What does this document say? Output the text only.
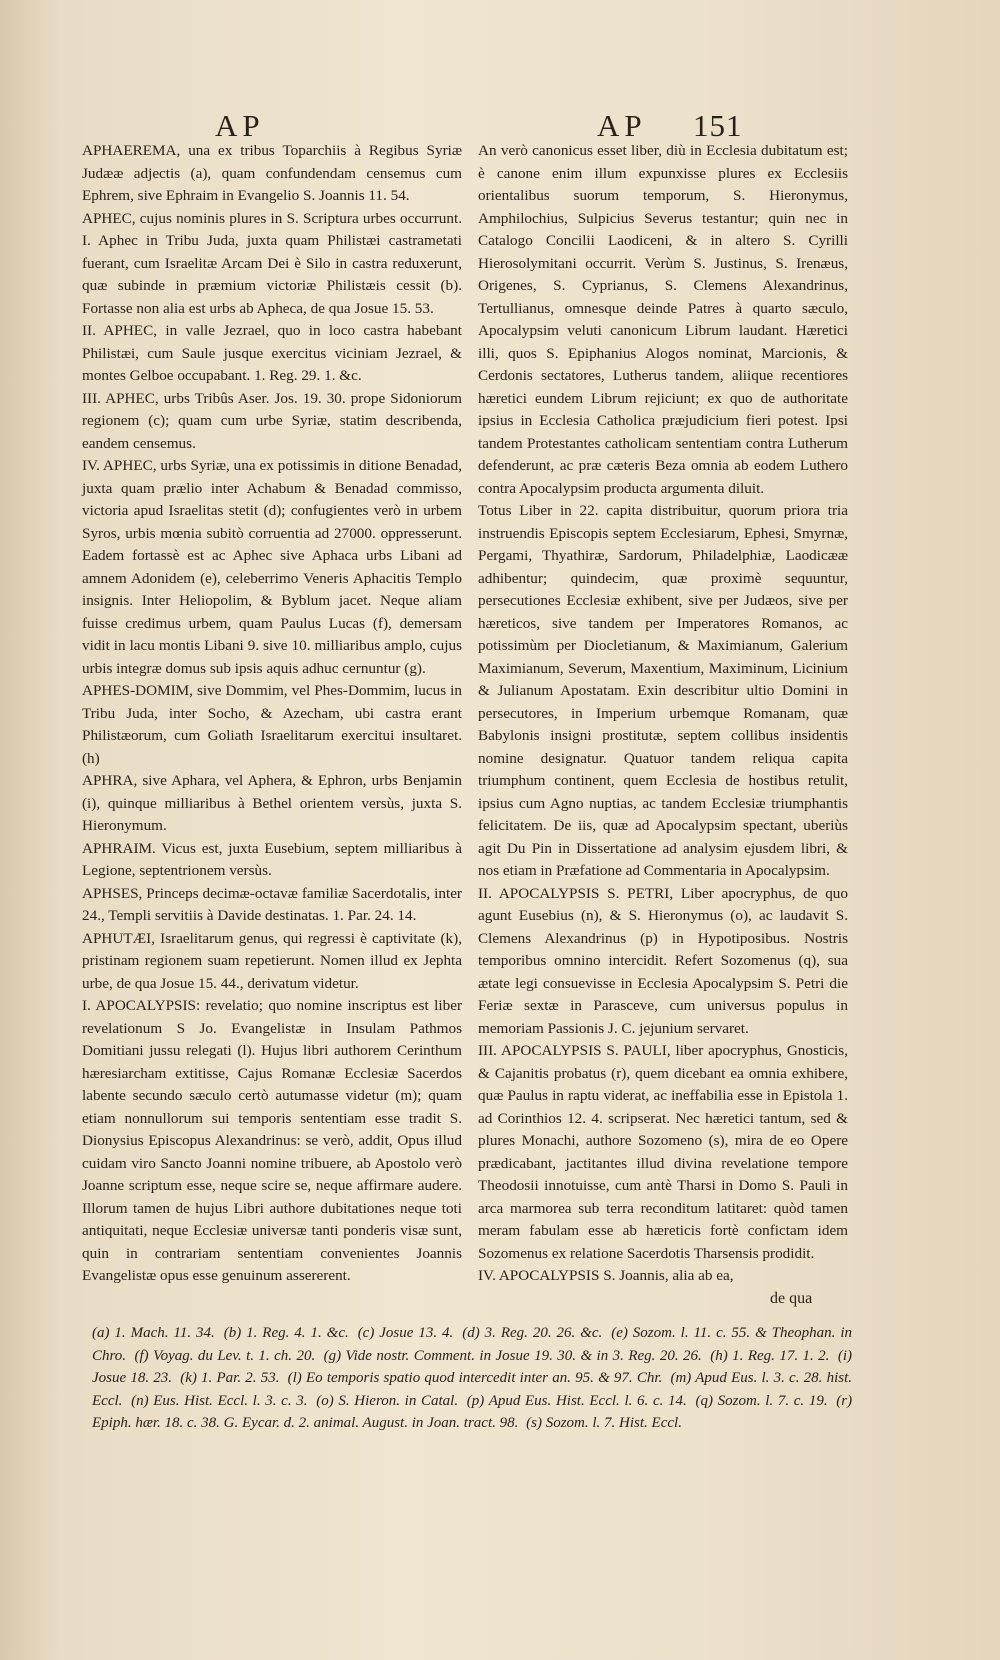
AP	AP 151

APHAEREMA, una ex tribus Toparchiis à Regibus Syriæ Judææ adjectis (a), quam confundendam censemus cum Ephrem, sive Ephraim in Evangelio S. Joannis 11. 54.

APHEC, cujus nominis plures in S. Scriptura urbes occurrunt. I. Aphec in Tribu Juda, juxta quam Philistæi castrametati fuerant, cum Israelitæ Arcam Dei è Silo in castra reduxerunt, quæ subinde in præmium victoriæ Philistæis cessit (b). Fortasse non alia est urbs ab Apheca, de qua Josue 15. 53.

II. APHEC, in valle Jezrael, quo in loco castra habebant Philistæi, cum Saule jusque exercitus viciniam Jezrael, & montes Gelboe occupabant. 1. Reg. 29. 1. &c.

III. APHEC, urbs Tribûs Aser. Jos. 19. 30. prope Sidoniorum regionem (c); quam cum urbe Syriæ, statim describenda, eandem censemus.

IV. APHEC, urbs Syriæ, una ex potissimis in ditione Benadad, juxta quam prælio inter Achabum & Benadad commisso, victoria apud Israelitas stetit (d); confugientes verò in urbem Syros, urbis mœnia subitò corruentia ad 27000. oppresserunt. Eadem fortassè est ac Aphec sive Aphaca urbs Libani ad amnem Adonidem (e), celeberrimo Veneris Aphacitis Templo insignis. Inter Heliopolim, & Byblum jacet. Neque aliam fuisse credimus urbem, quam Paulus Lucas (f), demersam vidit in lacu montis Libani 9. sive 10. milliaribus amplo, cujus urbis integræ domus sub ipsis aquis adhuc cernuntur (g).

APHES-DOMIM, sive Dommim, vel Phes-Dommim, lucus in Tribu Juda, inter Socho, & Azecham, ubi castra erant Philistæorum, cum Goliath Israelitarum exercitui insultaret. (h)

APHRA, sive Aphara, vel Aphera, & Ephron, urbs Benjamin (i), quinque milliaribus à Bethel orientem versùs, juxta S. Hieronymum.

APHRAIM. Vicus est, juxta Eusebium, septem milliaribus à Legione, septentrionem versùs.

APHSES, Princeps decimæ-octavæ familiæ Sacerdotalis, inter 24., Templi servitiis à Davide destinatas. 1. Par. 24. 14.

APHUTÆI, Israelitarum genus, qui regressi è captivitate (k), pristinam regionem suam repetierunt. Nomen illud ex Jephta urbe, de qua Josue 15. 44., derivatum videtur.

I. APOCALYPSIS: revelatio; quo nomine inscriptus est liber revelationum S Jo. Evangelistæ in Insulam Pathmos Domitiani jussu relegati (l). Hujus libri authorem Cerinthum hæresiarcham extitisse, Cajus Romanæ Ecclesiæ Sacerdos labente secundo sæculo certò autumasse videtur (m); quam etiam nonnullorum sui temporis sententiam esse tradit S. Dionysius Episcopus Alexandrinus: se verò, addit, Opus illud cuidam viro Sancto Joanni nomine tribuere, ab Apostolo verò Joanne scriptum esse, neque scire se, neque affirmare audere. Illorum tamen de hujus Libri authore dubitationes neque toti antiquitati, neque Ecclesiæ universæ tanti ponderis visæ sunt, quin in contrariam sententiam convenientes Joannis Evangelistæ opus esse genuinum assererent.

An verò canonicus esset liber, diù in Ecclesia dubitatum est; è canone enim illum expunxisse plures ex Ecclesiis orientalibus suorum temporum, S. Hieronymus, Amphilochius, Sulpicius Severus testantur; quin nec in Catalogo Concilii Laodiceni, & in altero S. Cyrilli Hierosolymitani occurrit. Verùm S. Justinus, S. Irenæus, Origenes, S. Cyprianus, S. Clemens Alexandrinus, Tertullianus, omnesque deinde Patres à quarto sæculo, Apocalypsim veluti canonicum Librum laudant. Hæretici illi, quos S. Epiphanius Alogos nominat, Marcionis, & Cerdonis sectatores, Lutherus tandem, aliique recentiores hæretici eundem Librum rejiciunt; ex quo de authoritate ipsius in Ecclesia Catholica præjudicium fieri potest. Ipsi tandem Protestantes catholicam sententiam contra Lutherum defenderunt, ac præ cæteris Beza omnia ab eodem Luthero contra Apocalypsim producta argumenta diluit.

Totus Liber in 22. capita distribuitur, quorum priora tria instruendis Episcopis septem Ecclesiarum, Ephesi, Smyrnæ, Pergami, Thyathiræ, Sardorum, Philadelphiæ, Laodicææ adhibentur; quindecim, quæ proximè sequuntur, persecutiones Ecclesiæ exhibent, sive per Judæos, sive per hæreticos, sive tandem per Imperatores Romanos, ac potissimùm per Diocletianum, & Maximianum, Galerium Maximianum, Severum, Maxentium, Maximinum, Licinium & Julianum Apostatam. Exin describitur ultio Domini in persecutores, in Imperium urbemque Romanam, quæ Babylonis insigni prostitutæ, septem collibus insidentis nomine designatur. Quatuor tandem reliqua capita triumphum continent, quem Ecclesia de hostibus retulit, ipsius cum Agno nuptias, ac tandem Ecclesiæ triumphantis felicitatem. De iis, quæ ad Apocalypsim spectant, uberiùs agit Du Pin in Dissertatione ad analysim ejusdem libri, & nos etiam in Præfatione ad Commentaria in Apocalypsim.

II. APOCALYPSIS S. PETRI, Liber apocryphus, de quo agunt Eusebius (n), & S. Hieronymus (o), ac laudavit S. Clemens Alexandrinus (p) in Hypotiposibus. Nostris temporibus omnino intercidit. Refert Sozomenus (q), sua ætate legi consuevisse in Ecclesia Apocalypsim S. Petri die Feriæ sextæ in Parasceve, cum universus populus in memoriam Passionis J. C. jejunium servaret.

III. APOCALYPSIS S. PAULI, liber apocryphus, Gnosticis, & Cajanitis probatus (r), quem dicebant ea omnia exhibere, quæ Paulus in raptu viderat, ac ineffabilia esse in Epistola 1. ad Corinthios 12. 4. scripserat. Nec hæretici tantum, sed & plures Monachi, authore Sozomeno (s), mira de eo Opere prædicabant, jactitantes illud divina revelatione tempore Theodosii innotuisse, cum antè Tharsi in Domo S. Pauli in arca marmorea sub terra reconditum latitaret: quòd tamen meram fabulam esse ab hæreticis fortè confictam idem Sozomenus ex relatione Sacerdotis Tharsensis prodidit.

IV. APOCALYPSIS S. Joannis, alia ab ea,

de qua
(a) 1. Mach. 11. 34. (b) 1. Reg. 4. 1. &c. (c) Josue 13. 4. (d) 3. Reg. 20. 26. &c. (e) Sozom. l. 11. c. 55. & Theophan. in Chro. (f) Voyag. du Lev. t. 1. ch. 20. (g) Vide nostr. Comment. in Josue 19. 30. & in 3. Reg. 20. 26. (h) 1. Reg. 17. 1. 2. (i) Josue 18. 23. (k) 1. Par. 2. 53. (l) Eo temporis spatio quod intercedit inter an. 95. & 97. Chr. (m) Apud Eus. l. 3. c. 28. hist. Eccl. (n) Eus. Hist. Eccl. l. 3. c. 3. (o) S. Hieron. in Catal. (p) Apud Eus. Hist. Eccl. l. 6. c. 14. (q) Sozom. l. 7. c. 19. (r) Epiph. hær. 18. c. 38. G. Eycar. d. 2. animal. August. in Joan. tract. 98. (s) Sozom. l. 7. Hist. Eccl.
